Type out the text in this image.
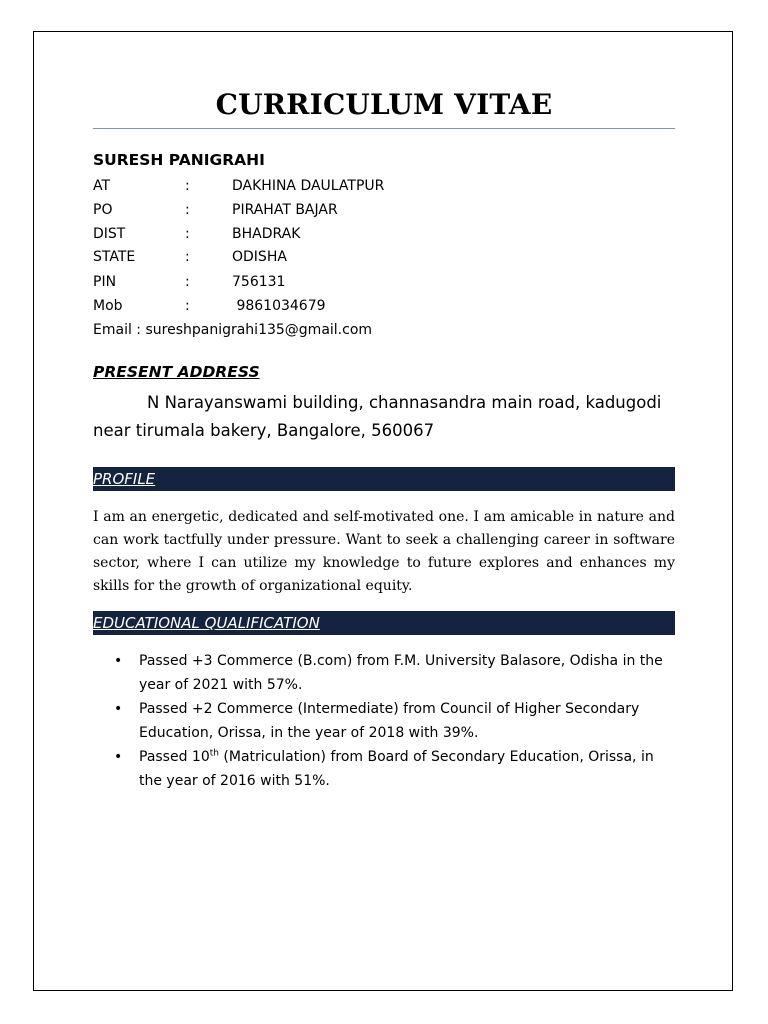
CURRICULUM VITAE
SURESH PANIGRAHI
AT	:	DAKHINA DAULATPUR
PO	:	PIRAHAT BAJAR
DIST	:	BHADRAK
STATE	:	ODISHA
PIN	:	756131
Mob	:	9861034679
Email : sureshpanigrahi135@gmail.com
PRESENT ADDRESS
N Narayanswami building, channasandra main road, kadugodi near tirumala bakery, Bangalore, 560067
PROFILE
I am an energetic, dedicated and self-motivated one. I am amicable in nature and can work tactfully under pressure. Want to seek a challenging career in software sector, where I can utilize my knowledge to future explores and enhances my skills for the growth of organizational equity.
EDUCATIONAL QUALIFICATION
• Passed +3 Commerce (B.com) from F.M. University Balasore, Odisha in the year of 2021 with 57%.
• Passed +2 Commerce (Intermediate) from Council of Higher Secondary Education, Orissa, in the year of 2018 with 39%.
• Passed 10th (Matriculation) from Board of Secondary Education, Orissa, in the year of 2016 with 51%.
